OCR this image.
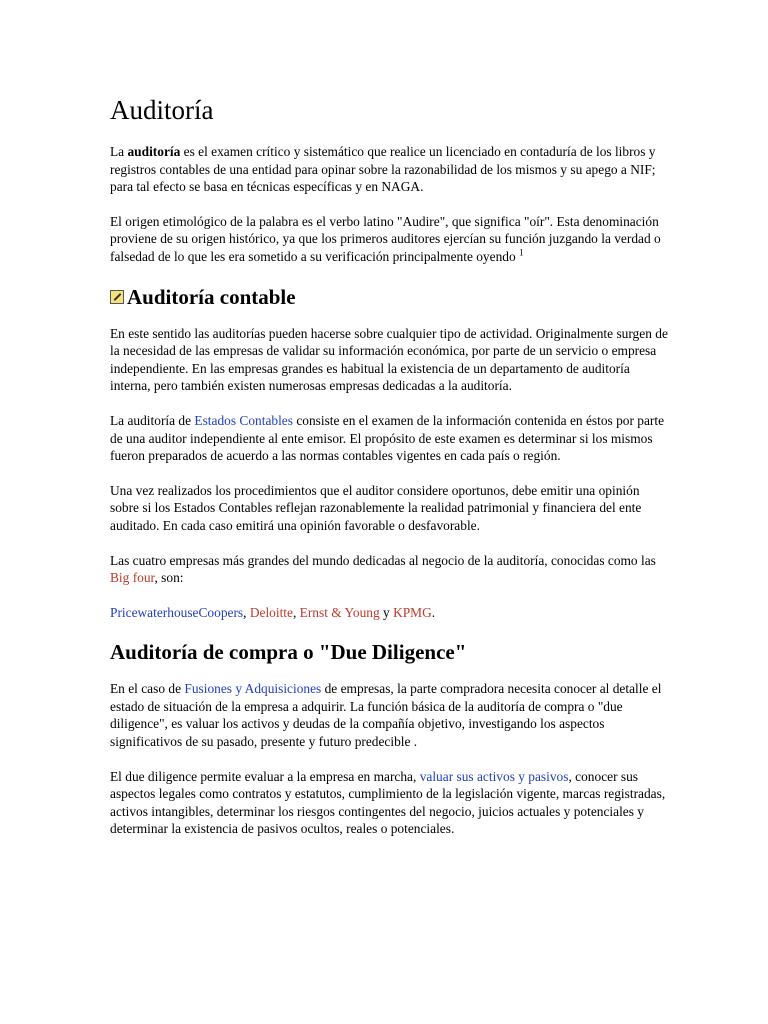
Auditoría

La auditoría es el examen crítico y sistemático que realice un licenciado en contaduría de los libros y registros contables de una entidad para opinar sobre la razonabilidad de los mismos y su apego a NIF; para tal efecto se basa en técnicas específicas y en NAGA.

El origen etimológico de la palabra es el verbo latino "Audire", que significa "oír". Esta denominación proviene de su origen histórico, ya que los primeros auditores ejercían su función juzgando la verdad o falsedad de lo que les era sometido a su verificación principalmente oyendo $^1$

Auditoría contable

En este sentido las auditorías pueden hacerse sobre cualquier tipo de actividad. Originalmente surgen de la necesidad de las empresas de validar su información económica, por parte de un servicio o empresa independiente. En las empresas grandes es habitual la existencia de un departamento de auditoría interna, pero también existen numerosas empresas dedicadas a la auditoría.

La auditoría de Estados Contables consiste en el examen de la información contenida en éstos por parte de una auditor independiente al ente emisor. El propósito de este examen es determinar si los mismos fueron preparados de acuerdo a las normas contables vigentes en cada país o región.

Una vez realizados los procedimientos que el auditor considere oportunos, debe emitir una opinión sobre si los Estados Contables reflejan razonablemente la realidad patrimonial y financiera del ente auditado. En cada caso emitirá una opinión favorable o desfavorable.

Las cuatro empresas más grandes del mundo dedicadas al negocio de la auditoría, conocidas como las Big four, son:

PricewaterhouseCoopers, Deloitte, Ernst & Young y KPMG.

Auditoría de compra o "Due Diligence"

En el caso de Fusiones y Adquisiciones de empresas, la parte compradora necesita conocer al detalle el estado de situación de la empresa a adquirir. La función básica de la auditoría de compra o "due diligence", es valuar los activos y deudas de la compañía objetivo, investigando los aspectos significativos de su pasado, presente y futuro predecible .

El due diligence permite evaluar a la empresa en marcha, valuar sus activos y pasivos, conocer sus aspectos legales como contratos y estatutos, cumplimiento de la legislación vigente, marcas registradas, activos intangibles, determinar los riesgos contingentes del negocio, juicios actuales y potenciales y determinar la existencia de pasivos ocultos, reales o potenciales.
